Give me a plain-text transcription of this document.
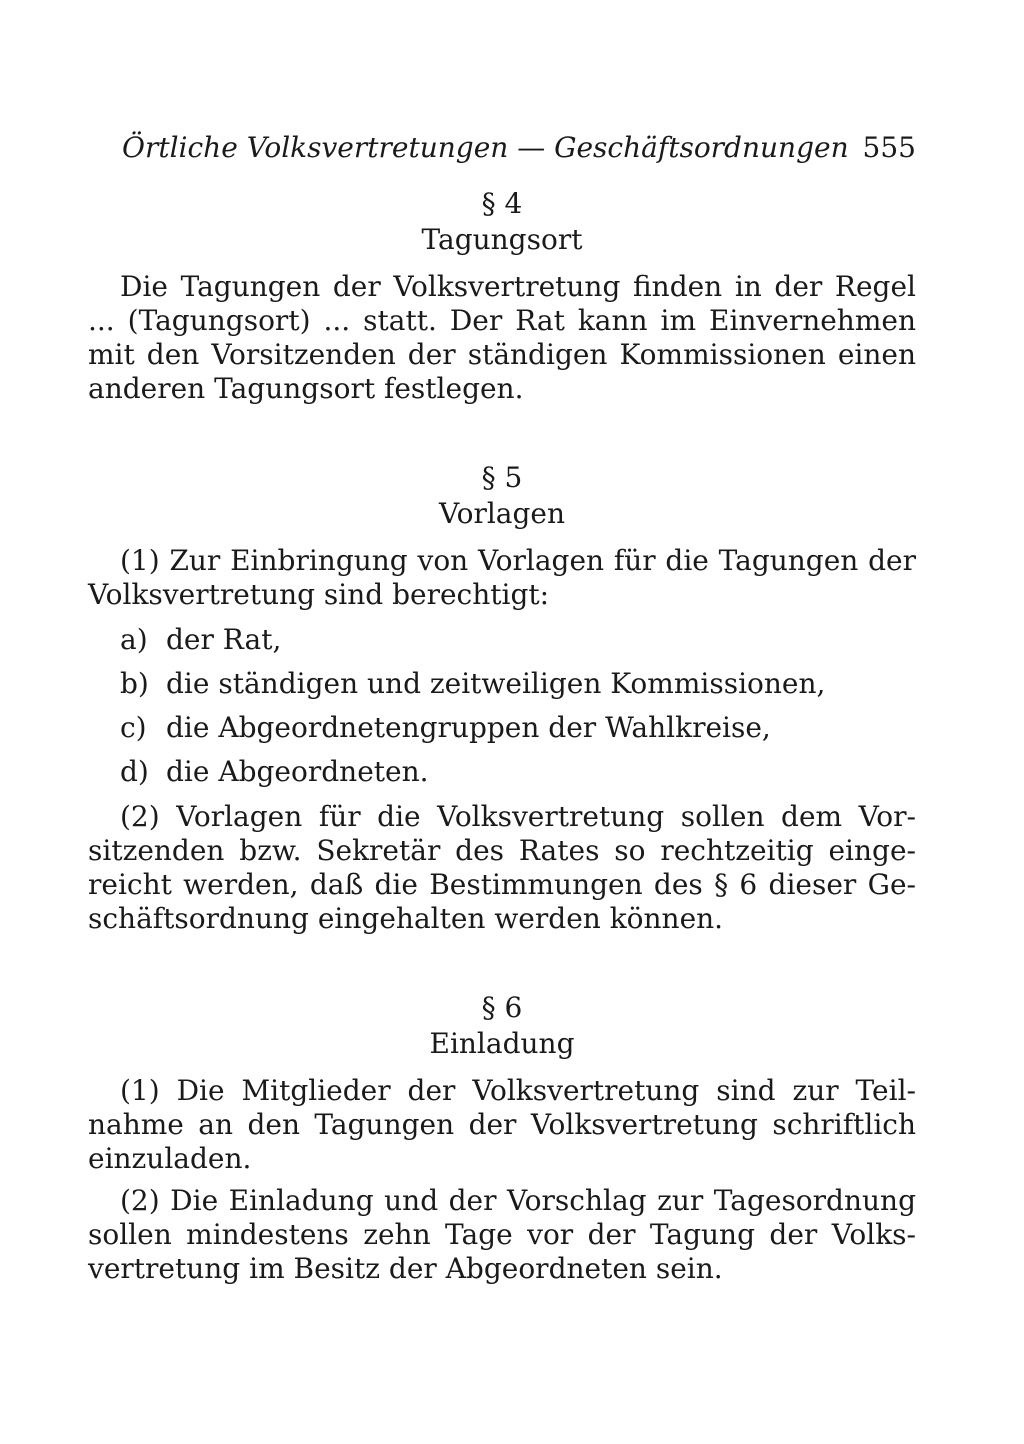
Örtliche Volksvertretungen — Geschäftsordnungen 555
§ 4
Tagungsort

Die Tagungen der Volksvertretung finden in der Regel ... (Tagungsort) ... statt. Der Rat kann im Einvernehmen mit den Vorsitzenden der ständigen Kommissionen einen anderen Tagungsort festlegen.

§ 5
Vorlagen

(1) Zur Einbringung von Vorlagen für die Tagungen der Volksvertretung sind berechtigt:

a) der Rat,
b) die ständigen und zeitweiligen Kommissionen,
c) die Abgeordnetengruppen der Wahlkreise,
d) die Abgeordneten.

(2) Vorlagen für die Volksvertretung sollen dem Vorsitzenden bzw. Sekretär des Rates so rechtzeitig eingereicht werden, daß die Bestimmungen des § 6 dieser Geschäftsordnung eingehalten werden können.

§ 6
Einladung

(1) Die Mitglieder der Volksvertretung sind zur Teilnahme an den Tagungen der Volksvertretung schriftlich einzuladen.

(2) Die Einladung und der Vorschlag zur Tagesordnung sollen mindestens zehn Tage vor der Tagung der Volksvertretung im Besitz der Abgeordneten sein.
